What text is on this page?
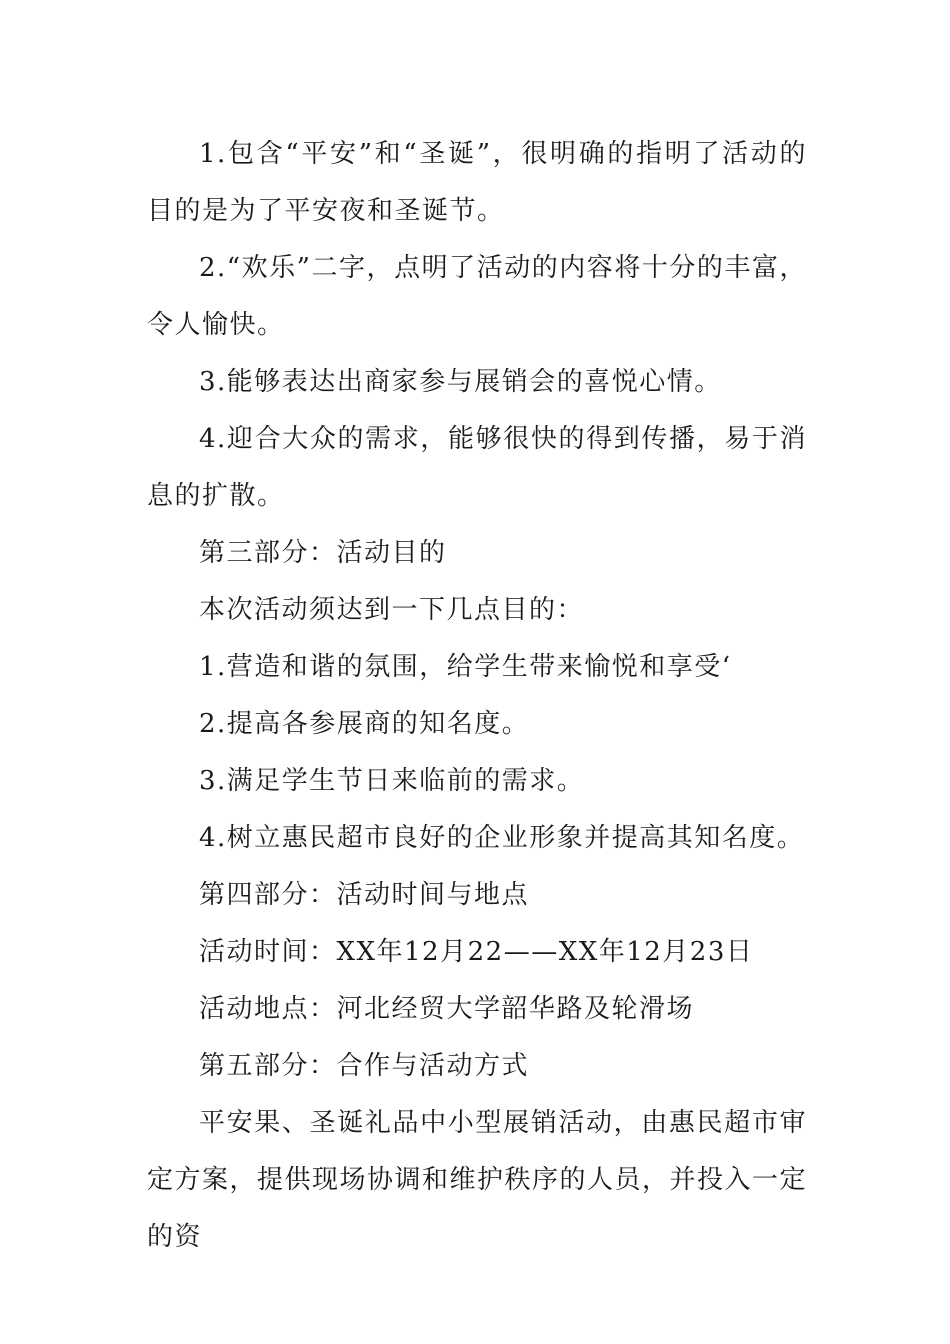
1.包含“平安”和“圣诞”，很明确的指明了活动的目的是为了平安夜和圣诞节。

2.“欢乐”二字，点明了活动的内容将十分的丰富，令人愉快。

3.能够表达出商家参与展销会的喜悦心情。

4.迎合大众的需求，能够很快的得到传播，易于消息的扩散。

第三部分：活动目的

本次活动须达到一下几点目的：

1.营造和谐的氛围，给学生带来愉悦和享受‘

2.提高各参展商的知名度。

3.满足学生节日来临前的需求。

4.树立惠民超市良好的企业形象并提高其知名度。

第四部分：活动时间与地点

活动时间：XX年12月22——XX年12月23日

活动地点：河北经贸大学韶华路及轮滑场

第五部分：合作与活动方式

平安果、圣诞礼品中小型展销活动，由惠民超市审定方案，提供现场协调和维护秩序的人员，并投入一定的资
